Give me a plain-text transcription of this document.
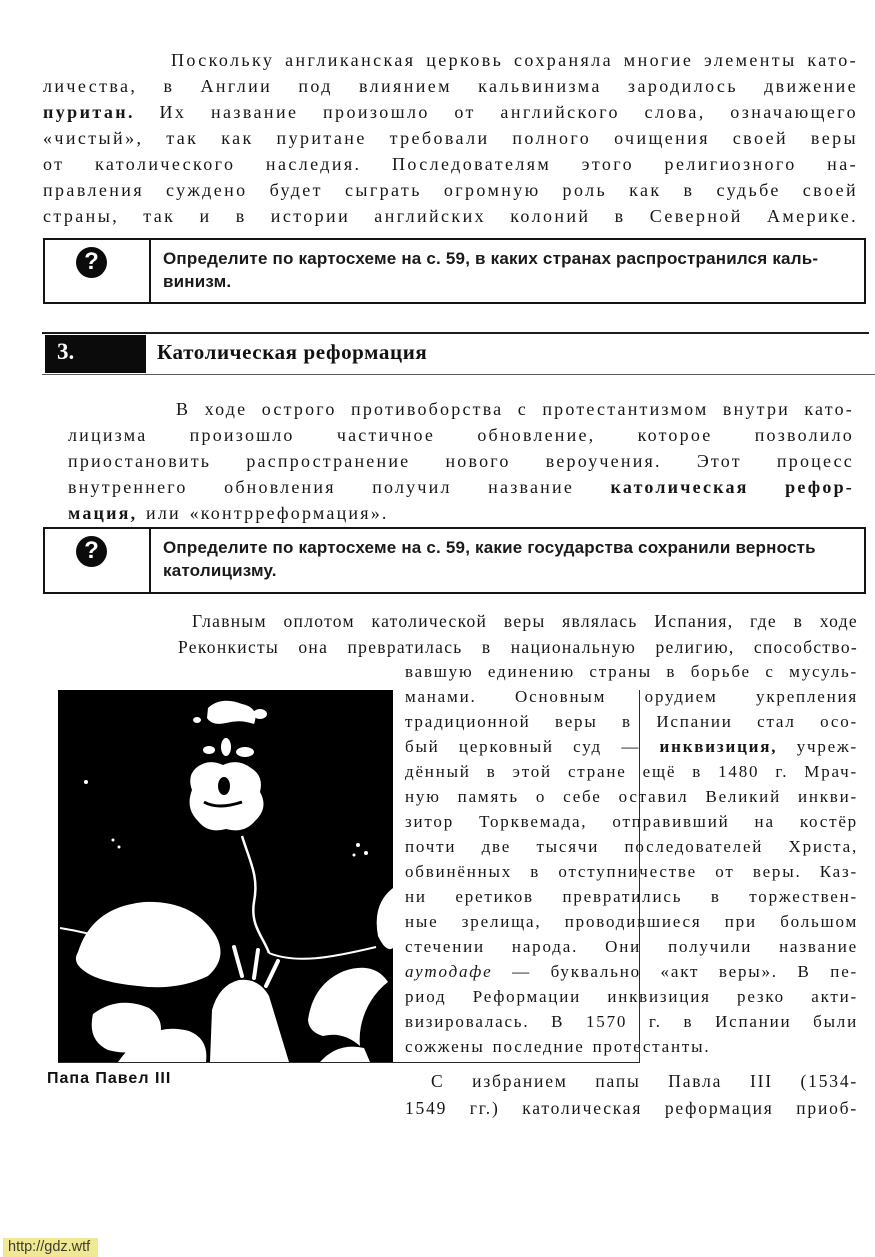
Поскольку англиканская церковь сохраняла многие элементы като-
личества, в Англии под влиянием кальвинизма зародилось движение
пуритан. Их название произошло от английского слова, означающего
«чистый», так как пуритане требовали полного очищения своей веры
от католического наследия. Последователям этого религиозного на-
правления суждено будет сыграть огромную роль как в судьбе своей
страны, так и в истории английских колоний в Северной Америке.
?	Определите по картосхеме на с. 59, в каких странах распространился каль-
винизм.
3.	Католическая реформация
В ходе острого противоборства с протестантизмом внутри като-
лицизма произошло частичное обновление, которое позволило
приостановить распространение нового вероучения. Этот процесс
внутреннего обновления получил название католическая рефор-
мация, или «контрреформация».
?	Определите по картосхеме на с. 59, какие государства сохранили верность
католицизму.
Главным оплотом католической веры являлась Испания, где в ходе
Реконкисты она превратилась в национальную религию, способство-
Папа Павел III
вавшую единению страны в борьбе с мусуль-
манами. Основным орудием укрепления
традиционной веры в Испании стал осо-
бый церковный суд — инквизиция, учреж-
дённый в этой стране ещё в 1480 г. Мрач-
ную память о себе оставил Великий инкви-
зитор Торквемада, отправивший на костёр
почти две тысячи последователей Христа,
обвинённых в отступничестве от веры. Каз-
ни еретиков превратились в торжествен-
ные зрелища, проводившиеся при большом
стечении народа. Они получили название
аутодафе — буквально «акт веры». В пе-
риод Реформации инквизиция резко акти-
визировалась. В 1570 г. в Испании были
сожжены последние протестанты.
С избранием папы Павла III (1534-
1549 гг.) католическая реформация приоб-
http://gdz.wtf
